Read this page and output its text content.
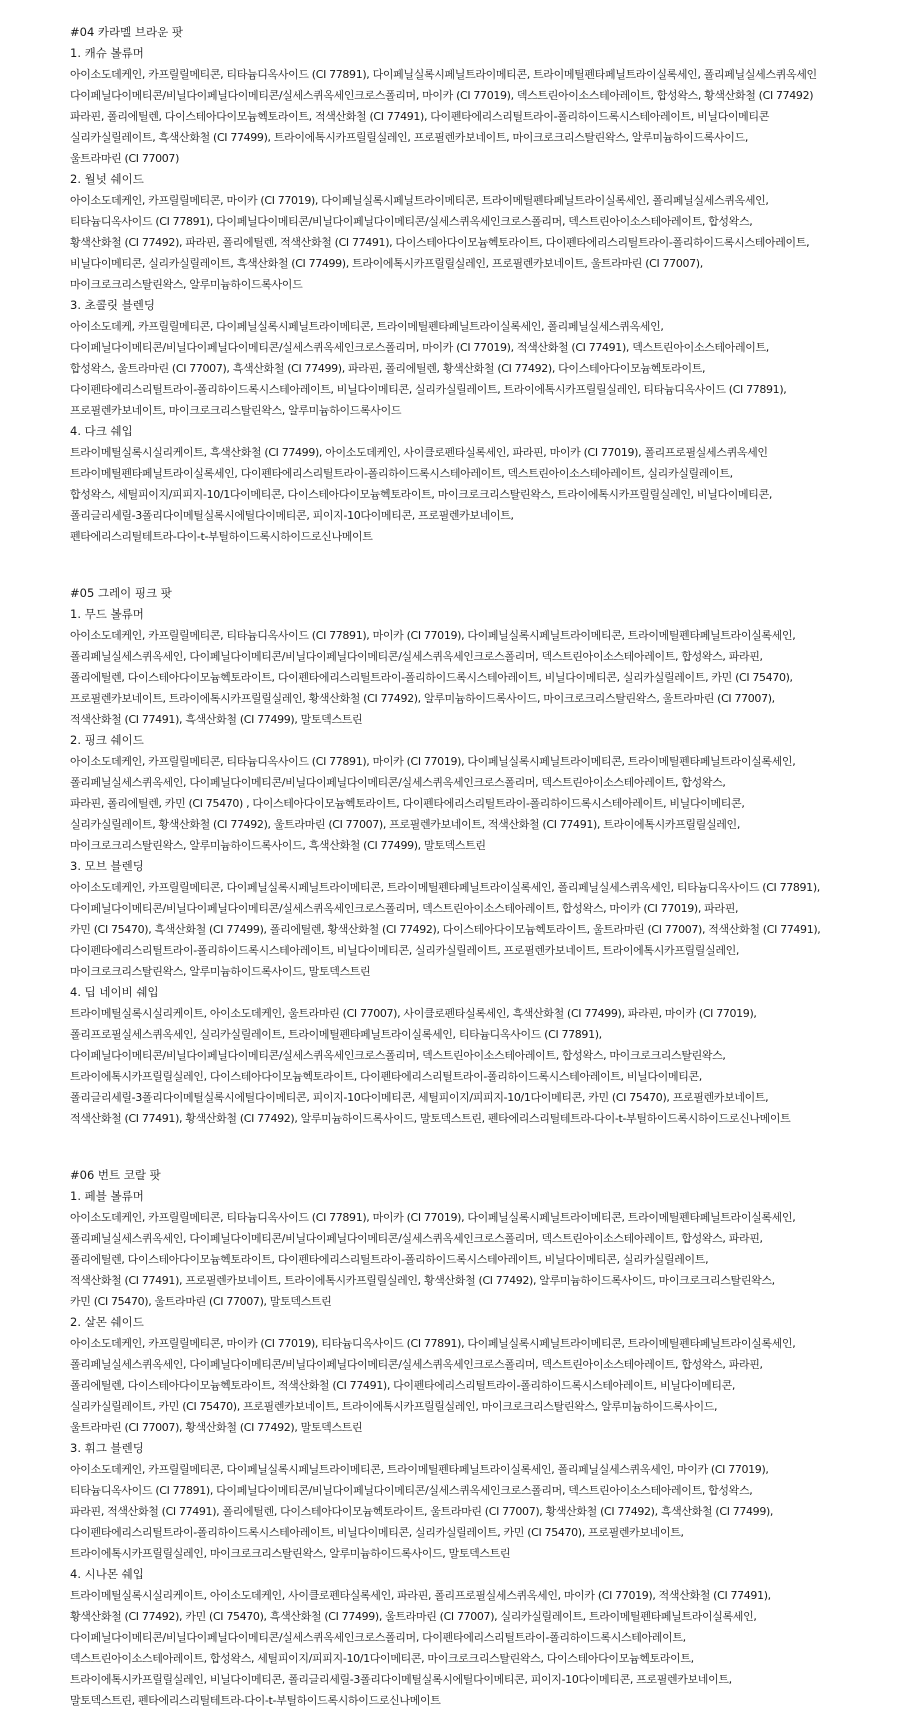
#04 카라멜 브라운 팟
1. 캐슈 볼류머
아이소도데케인, 카프릴릴메티콘, 티타늄디옥사이드 (CI 77891), 다이페닐실록시페닐트라이메티콘, 트라이메틸펜타페닐트라이실록세인, 폴리페닐실세스퀴옥세인
다이페닐다이메티콘/비닐다이페닐다이메티콘/실세스퀴옥세인크로스폴리머, 마이카 (CI 77019), 덱스트린아이소스테아레이트, 합성왁스, 황색산화철 (CI 77492)
파라핀, 폴리에틸렌, 다이스테아다이모늄헥토라이트, 적색산화철 (CI 77491), 다이펜타에리스리틸트라이-폴리하이드록시스테아레이트, 비닐다이메티콘
실리카실릴레이트, 흑색산화철 (CI 77499), 트라이에톡시카프릴릴실레인, 프로필렌카보네이트, 마이크로크리스탈린왁스, 알루미늄하이드록사이드,
울트라마린 (CI 77007)
2. 월넛 쉐이드
아이소도데케인, 카프릴릴메티콘, 마이카 (CI 77019), 다이페닐실록시페닐트라이메티콘, 트라이메틸펜타페닐트라이실록세인, 폴리페닐실세스퀴옥세인,
티타늄디옥사이드 (CI 77891), 다이페닐다이메티콘/비닐다이페닐다이메티콘/실세스퀴옥세인크로스폴리머, 덱스트린아이소스테아레이트, 합성왁스,
황색산화철 (CI 77492), 파라핀, 폴리에틸렌, 적색산화철 (CI 77491), 다이스테아다이모늄헥토라이트, 다이펜타에리스리틸트라이-폴리하이드록시스테아레이트,
비닐다이메티콘, 실리카실릴레이트, 흑색산화철 (CI 77499), 트라이에톡시카프릴릴실레인, 프로필렌카보네이트, 울트라마린 (CI 77007),
마이크로크리스탈린왁스, 알루미늄하이드록사이드
3. 초콜릿 블렌딩
아이소도데케, 카프릴릴메티콘, 다이페닐실록시페닐트라이메티콘, 트라이메틸펜타페닐트라이실록세인, 폴리페닐실세스퀴옥세인,
다이페닐다이메티콘/비닐다이페닐다이메티콘/실세스퀴옥세인크로스폴리머, 마이카 (CI 77019), 적색산화철 (CI 77491), 덱스트린아이소스테아레이트,
합성왁스, 울트라마린 (CI 77007), 흑색산화철 (CI 77499), 파라핀, 폴리에틸렌, 황색산화철 (CI 77492), 다이스테아다이모늄헥토라이트,
다이펜타에리스리틸트라이-폴리하이드록시스테아레이트, 비닐다이메티콘, 실리카실릴레이트, 트라이에톡시카프릴릴실레인, 티타늄디옥사이드 (CI 77891),
프로필렌카보네이트, 마이크로크리스탈린왁스, 알루미늄하이드록사이드
4. 다크 쉐입
트라이메틸실록시실리케이트, 흑색산화철 (CI 77499), 아이소도데케인, 사이클로펜타실록세인, 파라핀, 마이카 (CI 77019), 폴리프로필실세스퀴옥세인
트라이메틸펜타페닐트라이실록세인, 다이펜타에리스리틸트라이-폴리하이드록시스테아레이트, 덱스트린아이소스테아레이트, 실리카실릴레이트,
합성왁스, 세틸피이지/피피지-10/1다이메티콘, 다이스테아다이모늄헥토라이트, 마이크로크리스탈린왁스, 트라이에톡시카프릴릴실레인, 비닐다이메티콘,
폴리글리세릴-3폴리다이메틸실록시에틸다이메티콘, 피이지-10다이메티콘, 프로필렌카보네이트,
펜타에리스리틸테트라-다이-t-부틸하이드록시하이드로신나메이트
#05 그레이 핑크 팟
1. 무드 볼류머
아이소도데케인, 카프릴릴메티콘, 티타늄디옥사이드 (CI 77891), 마이카 (CI 77019), 다이페닐실록시페닐트라이메티콘, 트라이메틸펜타페닐트라이실록세인,
폴리페닐실세스퀴옥세인, 다이페닐다이메티콘/비닐다이페닐다이메티콘/실세스퀴옥세인크로스폴리머, 덱스트린아이소스테아레이트, 합성왁스, 파라핀,
폴리에틸렌, 다이스테아다이모늄헥토라이트, 다이펜타에리스리틸트라이-폴리하이드록시스테아레이트, 비닐다이메티콘, 실리카실릴레이트, 카민 (CI 75470),
프로필렌카보네이트, 트라이에톡시카프릴릴실레인, 황색산화철 (CI 77492), 알루미늄하이드록사이드, 마이크로크리스탈린왁스, 울트라마린 (CI 77007),
적색산화철 (CI 77491), 흑색산화철 (CI 77499), 말토덱스트린
2. 핑크 쉐이드
아이소도데케인, 카프릴릴메티콘, 티타늄디옥사이드 (CI 77891), 마이카 (CI 77019), 다이페닐실록시페닐트라이메티콘, 트라이메틸펜타페닐트라이실록세인,
폴리페닐실세스퀴옥세인, 다이페닐다이메티콘/비닐다이페닐다이메티콘/실세스퀴옥세인크로스폴리머, 덱스트린아이소스테아레이트, 합성왁스,
파라핀, 폴리에틸렌, 카민 (CI 75470) , 다이스테아다이모늄헥토라이트, 다이펜타에리스리틸트라이-폴리하이드록시스테아레이트, 비닐다이메티콘,
실리카실릴레이트, 황색산화철 (CI 77492), 울트라마린 (CI 77007), 프로필렌카보네이트, 적색산화철 (CI 77491), 트라이에톡시카프릴릴실레인,
마이크로크리스탈린왁스, 알루미늄하이드록사이드, 흑색산화철 (CI 77499), 말토덱스트린
3. 모브 블렌딩
아이소도데케인, 카프릴릴메티콘, 다이페닐실록시페닐트라이메티콘, 트라이메틸펜타페닐트라이실록세인, 폴리페닐실세스퀴옥세인, 티타늄디옥사이드 (CI 77891),
다이페닐다이메티콘/비닐다이페닐다이메티콘/실세스퀴옥세인크로스폴리머, 덱스트린아이소스테아레이트, 합성왁스, 마이카 (CI 77019), 파라핀,
카민 (CI 75470), 흑색산화철 (CI 77499), 폴리에틸렌, 황색산화철 (CI 77492), 다이스테아다이모늄헥토라이트, 울트라마린 (CI 77007), 적색산화철 (CI 77491),
다이펜타에리스리틸트라이-폴리하이드록시스테아레이트, 비닐다이메티콘, 실리카실릴레이트, 프로필렌카보네이트, 트라이에톡시카프릴릴실레인,
마이크로크리스탈린왁스, 알루미늄하이드록사이드, 말토덱스트린
4. 딥 네이비 쉐입
트라이메틸실록시실리케이트, 아이소도데케인, 울트라마린 (CI 77007), 사이클로펜타실록세인, 흑색산화철 (CI 77499), 파라핀, 마이카 (CI 77019),
폴리프로필실세스퀴옥세인, 실리카실릴레이트, 트라이메틸펜타페닐트라이실록세인, 티타늄디옥사이드 (CI 77891),
다이페닐다이메티콘/비닐다이페닐다이메티콘/실세스퀴옥세인크로스폴리머, 덱스트린아이소스테아레이트, 합성왁스, 마이크로크리스탈린왁스,
트라이에톡시카프릴릴실레인, 다이스테아다이모늄헥토라이트, 다이펜타에리스리틸트라이-폴리하이드록시스테아레이트, 비닐다이메티콘,
폴리글리세릴-3폴리다이메틸실록시에틸다이메티콘, 피이지-10다이메티콘, 세틸피이지/피피지-10/1다이메티콘, 카민 (CI 75470), 프로필렌카보네이트,
적색산화철 (CI 77491), 황색산화철 (CI 77492), 알루미늄하이드록사이드, 말토덱스트린, 펜타에리스리틸테트라-다이-t-부틸하이드록시하이드로신나메이트
#06 번트 코랄 팟
1. 페블 볼류머
아이소도데케인, 카프릴릴메티콘, 티타늄디옥사이드 (CI 77891), 마이카 (CI 77019), 다이페닐실록시페닐트라이메티콘, 트라이메틸펜타페닐트라이실록세인,
폴리페닐실세스퀴옥세인, 다이페닐다이메티콘/비닐다이페닐다이메티콘/실세스퀴옥세인크로스폴리머, 덱스트린아이소스테아레이트, 합성왁스, 파라핀,
폴리에틸렌, 다이스테아다이모늄헥토라이트, 다이펜타에리스리틸트라이-폴리하이드록시스테아레이트, 비닐다이메티콘, 실리카실릴레이트,
적색산화철 (CI 77491), 프로필렌카보네이트, 트라이에톡시카프릴릴실레인, 황색산화철 (CI 77492), 알루미늄하이드록사이드, 마이크로크리스탈린왁스,
카민 (CI 75470), 울트라마린 (CI 77007), 말토덱스트린
2. 살몬 쉐이드
아이소도데케인, 카프릴릴메티콘, 마이카 (CI 77019), 티타늄디옥사이드 (CI 77891), 다이페닐실록시페닐트라이메티콘, 트라이메틸펜타페닐트라이실록세인,
폴리페닐실세스퀴옥세인, 다이페닐다이메티콘/비닐다이페닐다이메티콘/실세스퀴옥세인크로스폴리머, 덱스트린아이소스테아레이트, 합성왁스, 파라핀,
폴리에틸렌, 다이스테아다이모늄헥토라이트, 적색산화철 (CI 77491), 다이펜타에리스리틸트라이-폴리하이드록시스테아레이트, 비닐다이메티콘,
실리카실릴레이트, 카민 (CI 75470), 프로필렌카보네이트, 트라이에톡시카프릴릴실레인, 마이크로크리스탈린왁스, 알루미늄하이드록사이드,
울트라마린 (CI 77007), 황색산화철 (CI 77492), 말토덱스트린
3. 휘그 블렌딩
아이소도데케인, 카프릴릴메티콘, 다이페닐실록시페닐트라이메티콘, 트라이메틸펜타페닐트라이실록세인, 폴리페닐실세스퀴옥세인, 마이카 (CI 77019),
티타늄디옥사이드 (CI 77891), 다이페닐다이메티콘/비닐다이페닐다이메티콘/실세스퀴옥세인크로스폴리머, 덱스트린아이소스테아레이트, 합성왁스,
파라핀, 적색산화철 (CI 77491), 폴리에틸렌, 다이스테아다이모늄헥토라이트, 울트라마린 (CI 77007), 황색산화철 (CI 77492), 흑색산화철 (CI 77499),
다이펜타에리스리틸트라이-폴리하이드록시스테아레이트, 비닐다이메티콘, 실리카실릴레이트, 카민 (CI 75470), 프로필렌카보네이트,
트라이에톡시카프릴릴실레인, 마이크로크리스탈린왁스, 알루미늄하이드록사이드, 말토덱스트린
4. 시나몬 쉐입
트라이메틸실록시실리케이트, 아이소도데케인, 사이클로펜타실록세인, 파라핀, 폴리프로필실세스퀴옥세인, 마이카 (CI 77019), 적색산화철 (CI 77491),
황색산화철 (CI 77492), 카민 (CI 75470), 흑색산화철 (CI 77499), 울트라마린 (CI 77007), 실리카실릴레이트, 트라이메틸펜타페닐트라이실록세인,
다이페닐다이메티콘/비닐다이페닐다이메티콘/실세스퀴옥세인크로스폴리머, 다이펜타에리스리틸트라이-폴리하이드록시스테아레이트,
덱스트린아이소스테아레이트, 합성왁스, 세틸피이지/피피지-10/1다이메티콘, 마이크로크리스탈린왁스, 다이스테아다이모늄헥토라이트,
트라이에톡시카프릴릴실레인, 비닐다이메티콘, 폴리글리세릴-3폴리다이메틸실록시에틸다이메티콘, 피이지-10다이메티콘, 프로필렌카보네이트,
말토덱스트린, 펜타에리스리틸테트라-다이-t-부틸하이드록시하이드로신나메이트
